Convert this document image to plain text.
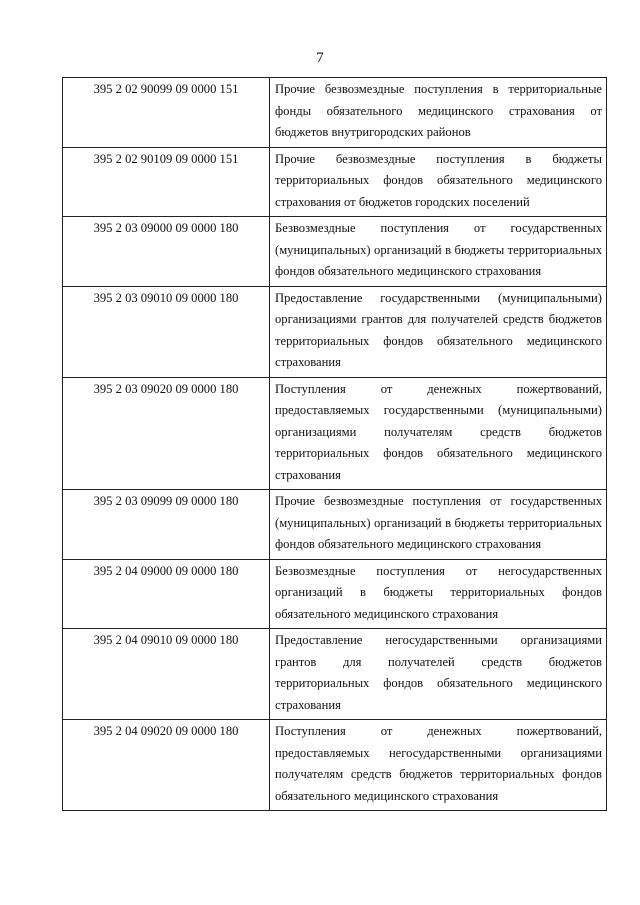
7
395 2 02 90099 09 0000 151	Прочие безвозмездные поступления в территориальные фонды обязательного медицинского страхования от бюджетов внутригородских районов
395 2 02 90109 09 0000 151	Прочие безвозмездные поступления в бюджеты территориальных фондов обязательного медицинского страхования от бюджетов городских поселений
395 2 03 09000 09 0000 180	Безвозмездные поступления от государственных (муниципальных) организаций в бюджеты территориальных фондов обязательного медицинского страхования
395 2 03 09010 09 0000 180	Предоставление государственными (муниципальными) организациями грантов для получателей средств бюджетов территориальных фондов обязательного медицинского страхования
395 2 03 09020 09 0000 180	Поступления от денежных пожертвований, предоставляемых государственными (муниципальными) организациями получателям средств бюджетов территориальных фондов обязательного медицинского страхования
395 2 03 09099 09 0000 180	Прочие безвозмездные поступления от государственных (муниципальных) организаций в бюджеты территориальных фондов обязательного медицинского страхования
395 2 04 09000 09 0000 180	Безвозмездные поступления от негосударственных организаций в бюджеты территориальных фондов обязательного медицинского страхования
395 2 04 09010 09 0000 180	Предоставление негосударственными организациями грантов для получателей средств бюджетов территориальных фондов обязательного медицинского страхования
395 2 04 09020 09 0000 180	Поступления от денежных пожертвований, предоставляемых негосударственными организациями получателям средств бюджетов территориальных фондов обязательного медицинского страхования
